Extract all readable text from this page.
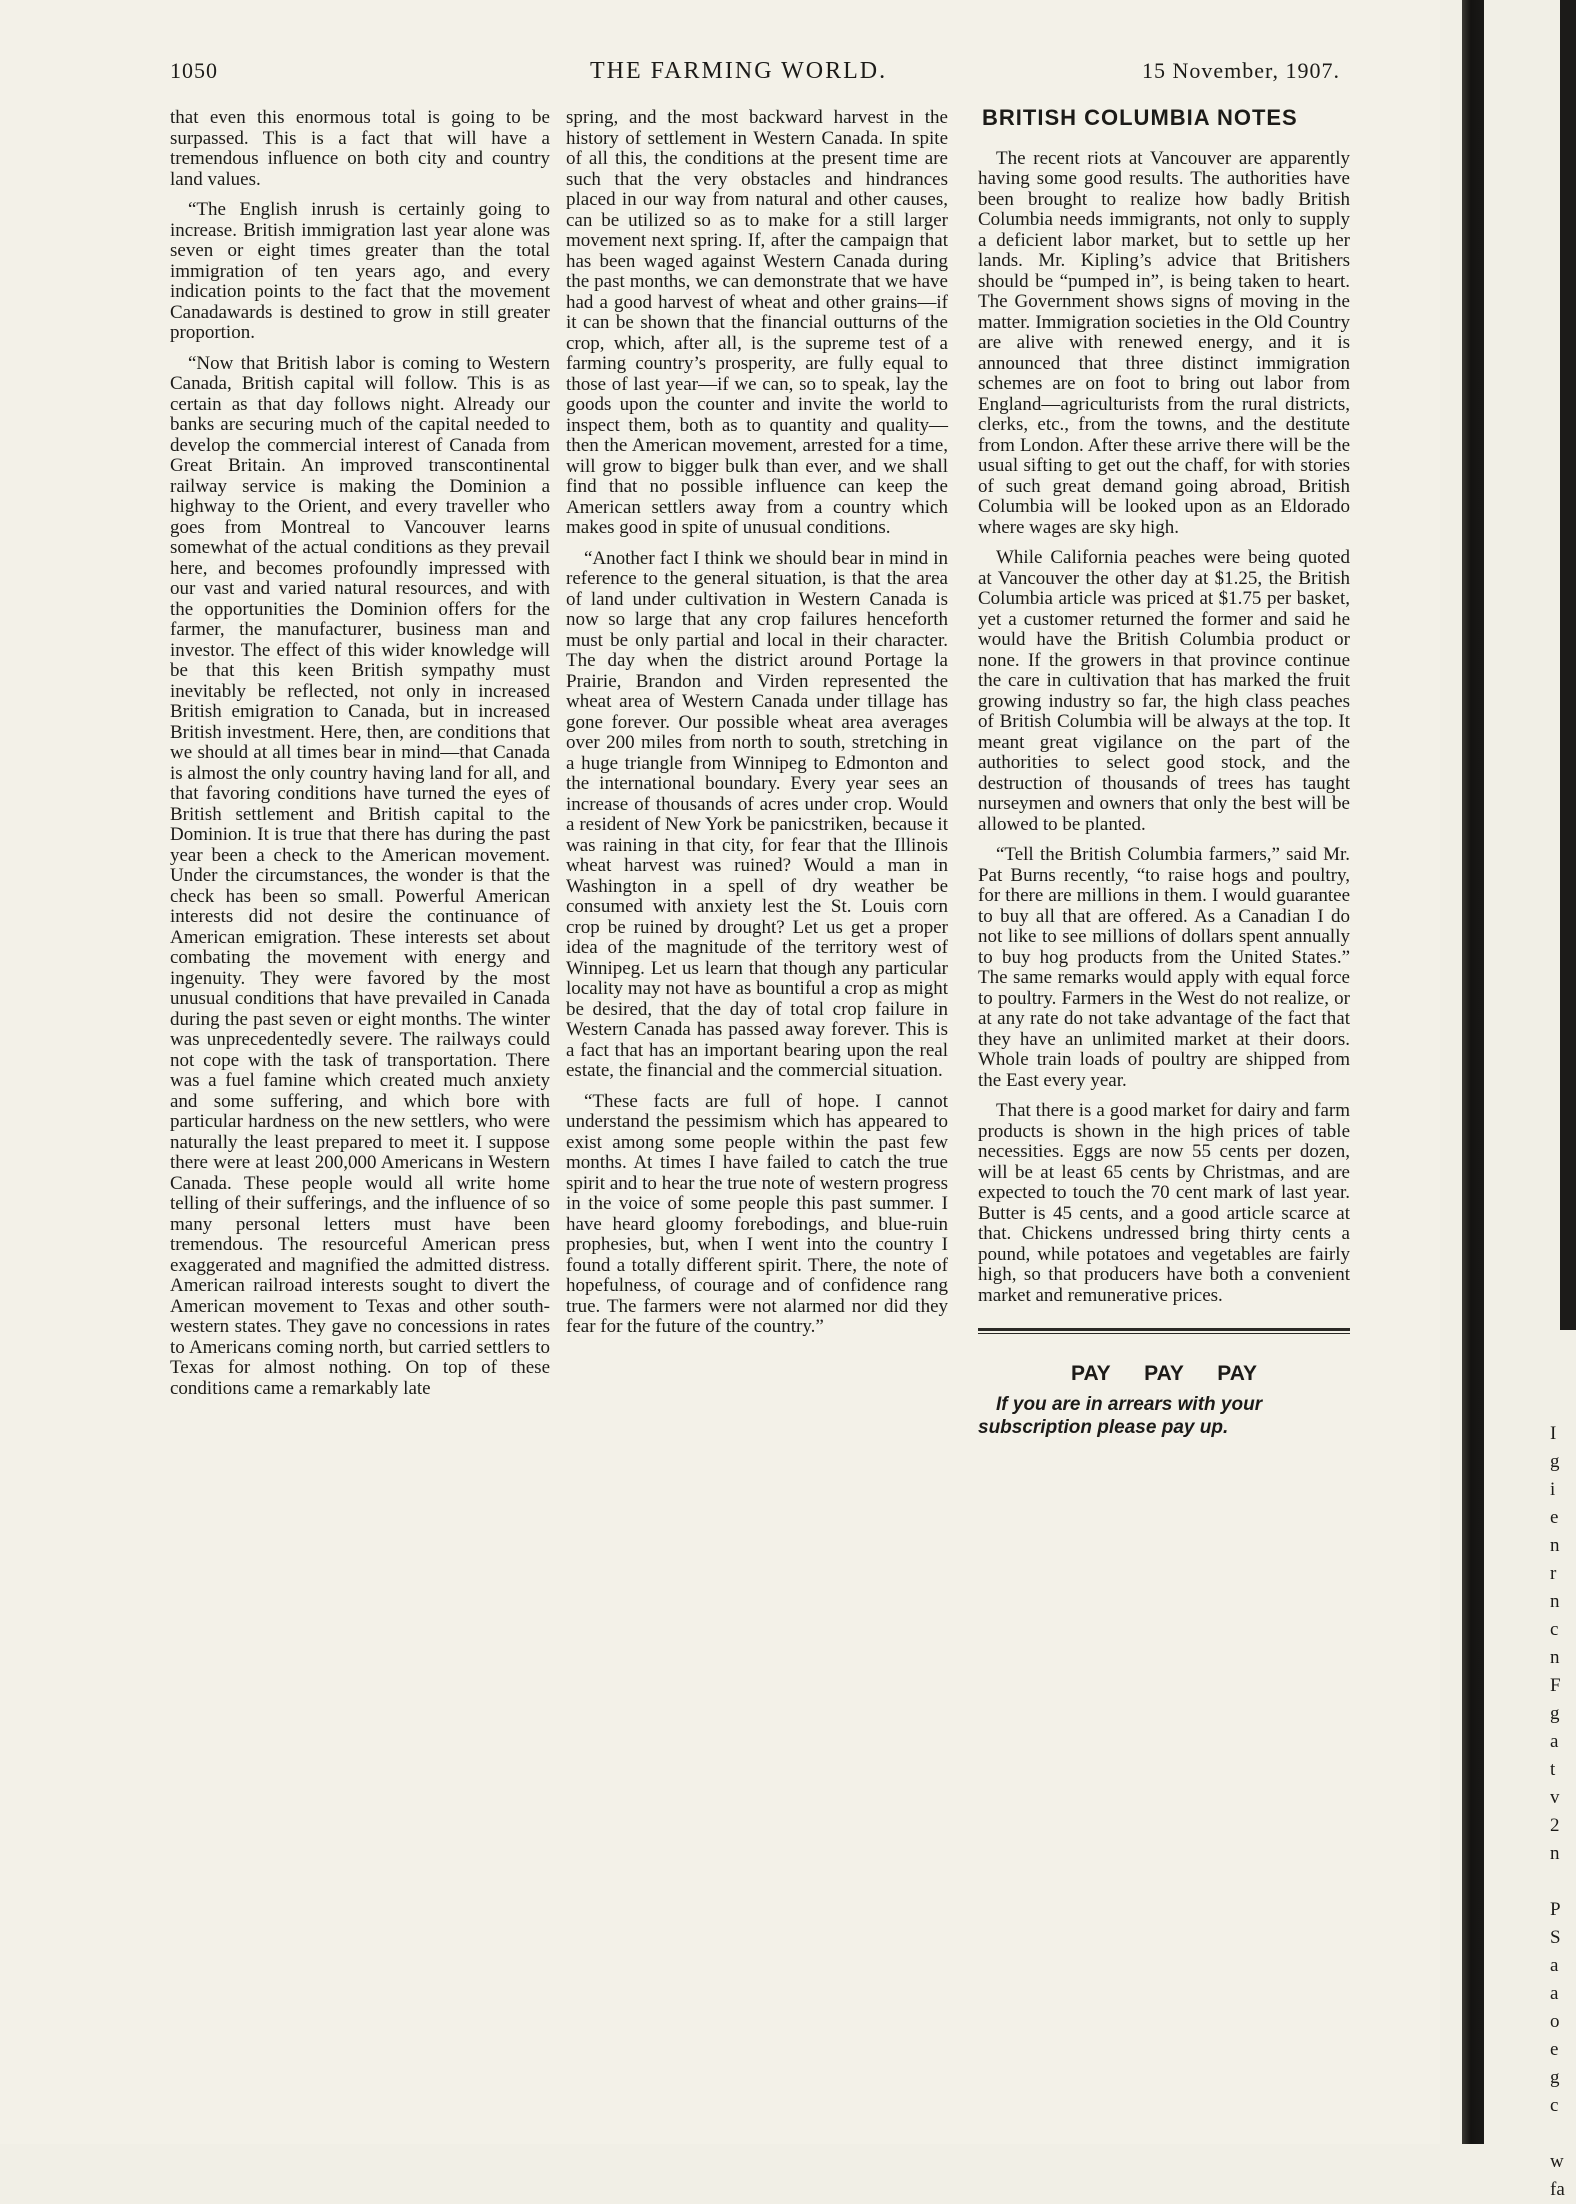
1050	THE FARMING WORLD.	15 November, 1907.

that even this enormous total is going to be surpassed. This is a fact that will have a tremendous influence on both city and country land values.

“The English inrush is certainly going to increase. British immigration last year alone was seven or eight times greater than the total immigration of ten years ago, and every indication points to the fact that the movement Canadawards is destined to grow in still greater proportion.

“Now that British labor is coming to Western Canada, British capital will follow. This is as certain as that day follows night. Already our banks are securing much of the capital needed to develop the commercial interest of Canada from Great Britain. An improved transcontinental railway service is making the Dominion a highway to the Orient, and every traveller who goes from Montreal to Vancouver learns somewhat of the actual conditions as they prevail here, and becomes profoundly impressed with our vast and varied natural resources, and with the opportunities the Dominion offers for the farmer, the manufacturer, business man and investor. The effect of this wider knowledge will be that this keen British sympathy must inevitably be reflected, not only in increased British emigration to Canada, but in increased British investment. Here, then, are conditions that we should at all times bear in mind—that Canada is almost the only country having land for all, and that favoring conditions have turned the eyes of British settlement and British capital to the Dominion. It is true that there has during the past year been a check to the American movement. Under the circumstances, the wonder is that the check has been so small. Powerful American interests did not desire the continuance of American emigration. These interests set about combating the movement with energy and ingenuity. They were favored by the most unusual conditions that have prevailed in Canada during the past seven or eight months. The winter was unprecedentedly severe. The railways could not cope with the task of transportation. There was a fuel famine which created much anxiety and some suffering, and which bore with particular hardness on the new settlers, who were naturally the least prepared to meet it. I suppose there were at least 200,000 Americans in Western Canada. These people would all write home telling of their sufferings, and the influence of so many personal letters must have been tremendous. The resourceful American press exaggerated and magnified the admitted distress. American railroad interests sought to divert the American movement to Texas and other south-western states. They gave no concessions in rates to Americans coming north, but carried settlers to Texas for almost nothing. On top of these conditions came a remarkably late

spring, and the most backward harvest in the history of settlement in Western Canada. In spite of all this, the conditions at the present time are such that the very obstacles and hindrances placed in our way from natural and other causes, can be utilized so as to make for a still larger movement next spring. If, after the campaign that has been waged against Western Canada during the past months, we can demonstrate that we have had a good harvest of wheat and other grains—if it can be shown that the financial outturns of the crop, which, after all, is the supreme test of a farming country’s prosperity, are fully equal to those of last year—if we can, so to speak, lay the goods upon the counter and invite the world to inspect them, both as to quantity and quality—then the American movement, arrested for a time, will grow to bigger bulk than ever, and we shall find that no possible influence can keep the American settlers away from a country which makes good in spite of unusual conditions.

“Another fact I think we should bear in mind in reference to the general situation, is that the area of land under cultivation in Western Canada is now so large that any crop failures henceforth must be only partial and local in their character. The day when the district around Portage la Prairie, Brandon and Virden represented the wheat area of Western Canada under tillage has gone forever. Our possible wheat area averages over 200 miles from north to south, stretching in a huge triangle from Winnipeg to Edmonton and the international boundary. Every year sees an increase of thousands of acres under crop. Would a resident of New York be panicstriken, because it was raining in that city, for fear that the Illinois wheat harvest was ruined? Would a man in Washington in a spell of dry weather be consumed with anxiety lest the St. Louis corn crop be ruined by drought? Let us get a proper idea of the magnitude of the territory west of Winnipeg. Let us learn that though any particular locality may not have as bountiful a crop as might be desired, that the day of total crop failure in Western Canada has passed away forever. This is a fact that has an important bearing upon the real estate, the financial and the commercial situation.

“These facts are full of hope. I cannot understand the pessimism which has appeared to exist among some people within the past few months. At times I have failed to catch the true spirit and to hear the true note of western progress in the voice of some people this past summer. I have heard gloomy forebodings, and blue-ruin prophesies, but, when I went into the country I found a totally different spirit. There, the note of hopefulness, of courage and of confidence rang true. The farmers were not alarmed nor did they fear for the future of the country.”

BRITISH COLUMBIA NOTES

The recent riots at Vancouver are apparently having some good results. The authorities have been brought to realize how badly British Columbia needs immigrants, not only to supply a deficient labor market, but to settle up her lands. Mr. Kipling’s advice that Britishers should be “pumped in”, is being taken to heart. The Government shows signs of moving in the matter. Immigration societies in the Old Country are alive with renewed energy, and it is announced that three distinct immigration schemes are on foot to bring out labor from England—agriculturists from the rural districts, clerks, etc., from the towns, and the destitute from London. After these arrive there will be the usual sifting to get out the chaff, for with stories of such great demand going abroad, British Columbia will be looked upon as an Eldorado where wages are sky high.

While California peaches were being quoted at Vancouver the other day at $1.25, the British Columbia article was priced at $1.75 per basket, yet a customer returned the former and said he would have the British Columbia product or none. If the growers in that province continue the care in cultivation that has marked the fruit growing industry so far, the high class peaches of British Columbia will be always at the top. It meant great vigilance on the part of the authorities to select good stock, and the destruction of thousands of trees has taught nurseymen and owners that only the best will be allowed to be planted.

“Tell the British Columbia farmers,” said Mr. Pat Burns recently, “to raise hogs and poultry, for there are millions in them. I would guarantee to buy all that are offered. As a Canadian I do not like to see millions of dollars spent annually to buy hog products from the United States.” The same remarks would apply with equal force to poultry. Farmers in the West do not realize, or at any rate do not take advantage of the fact that they have an unlimited market at their doors. Whole train loads of poultry are shipped from the East every year.

That there is a good market for dairy and farm products is shown in the high prices of table necessities. Eggs are now 55 cents per dozen, will be at least 65 cents by Christmas, and are expected to touch the 70 cent mark of last year. Butter is 45 cents, and a good article scarce at that. Chickens undressed bring thirty cents a pound, while potatoes and vegetables are fairly high, so that producers have both a convenient market and remunerative prices.

PAY PAY PAY

If you are in arrears with your subscription please pay up.	I
g
i
e
n
r
n
c
n
F
g
a
t
v
2
n
P
S
a
a
o
e
g
c
w
fa
